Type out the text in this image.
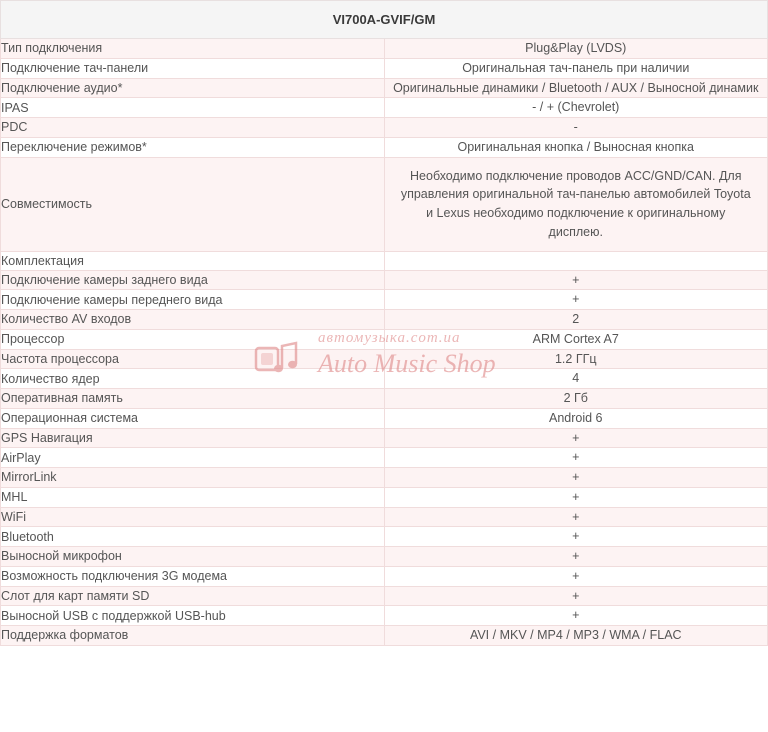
VI700A-GVIF/GM	
Тип подключения	Plug&Play (LVDS)
Подключение тач-панели	Оригинальная тач-панель при наличии
Подключение аудио*	Оригинальные динамики / Bluetooth / AUX / Выносной динамик
IPAS	- / + (Chevrolet)
PDC	-
Переключение режимов*	Оригинальная кнопка / Выносная кнопка
Совместимость	Необходимо подключение проводов ACC/GND/CAN. Для управления оригинальной тач-панелью автомобилей Toyota и Lexus необходимо подключение к оригинальному дисплею.
Комплектация	
Подключение камеры заднего вида	+
Подключение камеры переднего вида	+
Количество AV входов	2
Процессор	ARM Cortex A7
Частота процессора	1.2 ГГц
Количество ядер	4
Оперативная память	2 Гб
Операционная система	Android 6
GPS Навигация	+
AirPlay	+
MirrorLink	+
MHL	+
WiFi	+
Bluetooth	+
Выносной микрофон	+
Возможность подключения 3G модема	+
Слот для карт памяти SD	+
Выносной USB с поддержкой USB-hub	+
Поддержка форматов	AVI / MKV / MP4 / MP3 / WMA / FLAC
автомузыка.com.ua
Auto Music Shop
